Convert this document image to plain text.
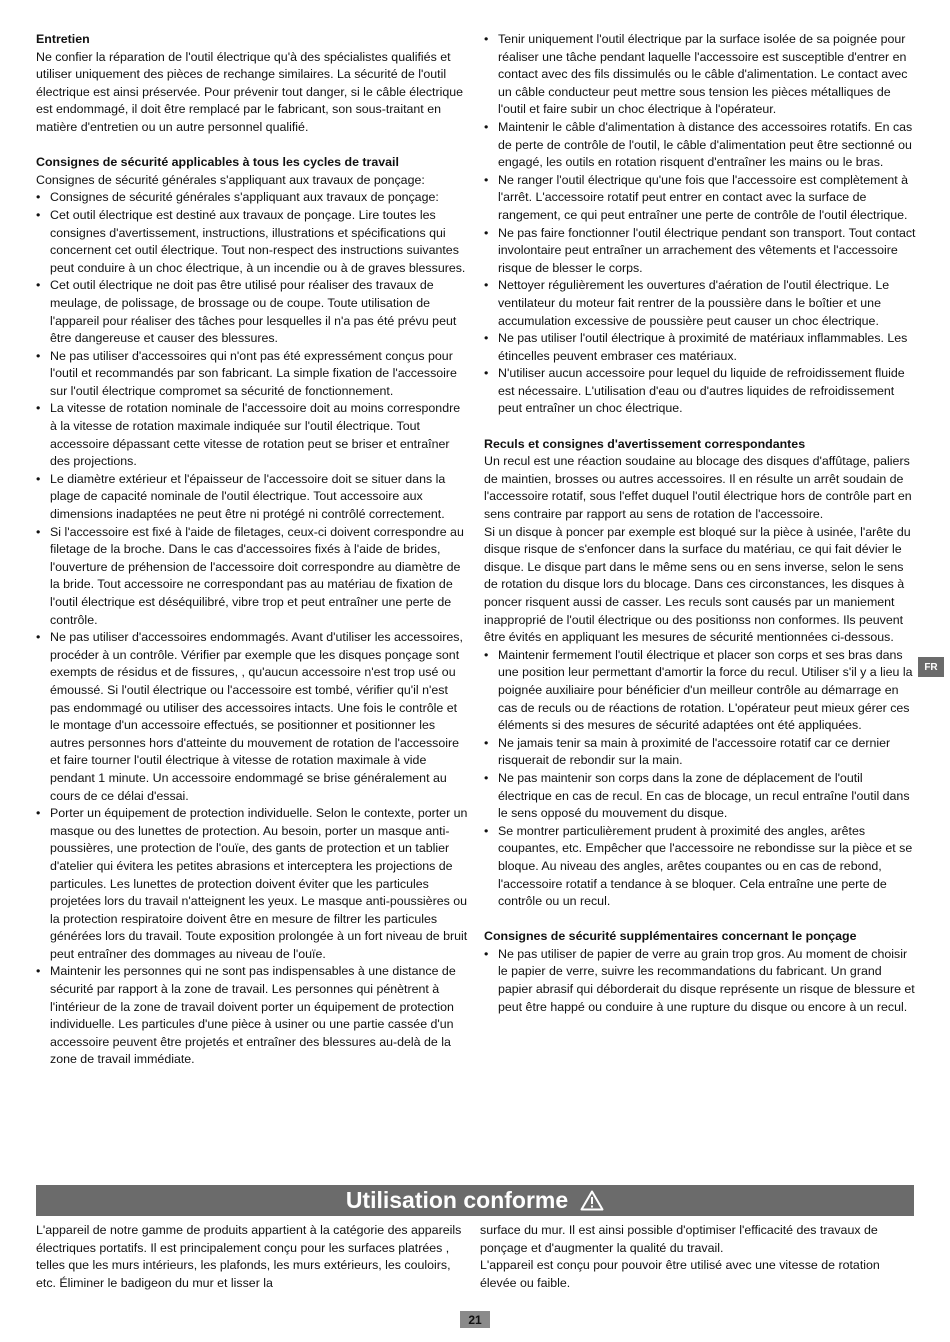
Entretien

Ne confier la réparation de l'outil électrique qu'à des spécialistes qualifiés et utiliser uniquement des pièces de rechange similaires. La sécurité de l'outil électrique est ainsi préservée. Pour prévenir tout danger, si le câble électrique est endommagé, il doit être remplacé par le fabricant, son sous-traitant en matière d'entretien ou un autre personnel qualifié.

Consignes de sécurité applicables à tous les cycles de travail

Consignes de sécurité générales s'appliquant aux travaux de ponçage:

• Consignes de sécurité générales s'appliquant aux travaux de ponçage:
• Cet outil électrique est destiné aux travaux de ponçage. Lire toutes les consignes d'avertissement, instructions, illustrations et spécifications qui concernent cet outil électrique. Tout non-respect des instructions suivantes peut conduire à un choc électrique, à un incendie ou à de graves blessures.
• Cet outil électrique ne doit pas être utilisé pour réaliser des travaux de meulage, de polissage, de brossage ou de coupe. Toute utilisation de l'appareil pour réaliser des tâches pour lesquelles il n'a pas été prévu peut être dangereuse et causer des blessures.
• Ne pas utiliser d'accessoires qui n'ont pas été expressément conçus pour l'outil et recommandés par son fabricant. La simple fixation de l'accessoire sur l'outil électrique compromet sa sécurité de fonctionnement.
• La vitesse de rotation nominale de l'accessoire doit au moins correspondre à la vitesse de rotation maximale indiquée sur l'outil électrique. Tout accessoire dépassant cette vitesse de rotation peut se briser et entraîner des projections.
• Le diamètre extérieur et l'épaisseur de l'accessoire doit se situer dans la plage de capacité nominale de l'outil électrique. Tout accessoire aux dimensions inadaptées ne peut être ni protégé ni contrôlé correctement.
• Si l'accessoire est fixé à l'aide de filetages, ceux-ci doivent correspondre au filetage de la broche. Dans le cas d'accessoires fixés à l'aide de brides, l'ouverture de préhension de l'accessoire doit correspondre au diamètre de la bride. Tout accessoire ne correspondant pas au matériau de fixation de l'outil électrique est déséquilibré, vibre trop et peut entraîner une perte de contrôle.
• Ne pas utiliser d'accessoires endommagés. Avant d'utiliser les accessoires, procéder à un contrôle. Vérifier par exemple que les disques ponçage sont exempts de résidus et de fissures, , qu'aucun accessoire n'est trop usé ou émoussé. Si l'outil électrique ou l'accessoire est tombé, vérifier qu'il n'est pas endommagé ou utiliser des accessoires intacts. Une fois le contrôle et le montage d'un accessoire effectués, se positionner et positionner les autres personnes hors d'atteinte du mouvement de rotation de l'accessoire et faire tourner l'outil électrique à vitesse de rotation maximale à vide pendant 1 minute. Un accessoire endommagé se brise généralement au cours de ce délai d'essai.
• Porter un équipement de protection individuelle. Selon le contexte, porter un masque ou des lunettes de protection. Au besoin, porter un masque anti-poussières, une protection de l'ouïe, des gants de protection et un tablier d'atelier qui évitera les petites abrasions et interceptera les projections de particules. Les lunettes de protection doivent éviter que les particules projetées lors du travail n'atteignent les yeux. Le masque anti-poussières ou la protection respiratoire doivent être en mesure de filtrer les particules générées lors du travail. Toute exposition prolongée à un fort niveau de bruit peut entraîner des dommages au niveau de l'ouïe.
• Maintenir les personnes qui ne sont pas indispensables à une distance de sécurité par rapport à la zone de travail. Les personnes qui pénètrent à l'intérieur de la zone de travail doivent porter un équipement de protection individuelle. Les particules d'une pièce à usiner ou une partie cassée d'un accessoire peuvent être projetés et entraîner des blessures au-delà de la zone de travail immédiate.
• Tenir uniquement l'outil électrique par la surface isolée de sa poignée pour réaliser une tâche pendant laquelle l'accessoire est susceptible d'entrer en contact avec des fils dissimulés ou le câble d'alimentation. Le contact avec un câble conducteur peut mettre sous tension les pièces métalliques de l'outil et faire subir un choc électrique à l'opérateur.
• Maintenir le câble d'alimentation à distance des accessoires rotatifs. En cas de perte de contrôle de l'outil, le câble d'alimentation peut être sectionné ou engagé, les outils en rotation risquent d'entraîner les mains ou le bras.
• Ne ranger l'outil électrique qu'une fois que l'accessoire est complètement à l'arrêt. L'accessoire rotatif peut entrer en contact avec la surface de rangement, ce qui peut entraîner une perte de contrôle de l'outil électrique.
• Ne pas faire fonctionner l'outil électrique pendant son transport. Tout contact involontaire peut entraîner un arrachement des vêtements et l'accessoire risque de blesser le corps.
• Nettoyer régulièrement les ouvertures d'aération de l'outil électrique. Le ventilateur du moteur fait rentrer de la poussière dans le boîtier et une accumulation excessive de poussière peut causer un choc électrique.
• Ne pas utiliser l'outil électrique à proximité de matériaux inflammables. Les étincelles peuvent embraser ces matériaux.
• N'utiliser aucun accessoire pour lequel du liquide de refroidissement fluide est nécessaire. L'utilisation d'eau ou d'autres liquides de refroidissement peut entraîner un choc électrique.

Reculs et consignes d'avertissement correspondantes

Un recul est une réaction soudaine au blocage des disques d'affûtage, paliers de maintien, brosses ou autres accessoires. Il en résulte un arrêt soudain de l'accessoire rotatif, sous l'effet duquel l'outil électrique hors de contrôle part en sens contraire par rapport au sens de rotation de l'accessoire.

Si un disque à poncer par exemple est bloqué sur la pièce à usinée, l'arête du disque risque de s'enfoncer dans la surface du matériau, ce qui fait dévier le disque. Le disque part dans le même sens ou en sens inverse, selon le sens de rotation du disque lors du blocage. Dans ces circonstances, les disques à poncer risquent aussi de casser. Les reculs sont causés par un maniement inapproprié de l'outil électrique ou des positionss non conformes. Ils peuvent être évités en appliquant les mesures de sécurité mentionnées ci-dessous.

• Maintenir fermement l'outil électrique et placer son corps et ses bras dans une position leur permettant d'amortir la force du recul. Utiliser s'il y a lieu la poignée auxiliaire pour bénéficier d'un meilleur contrôle au démarrage en cas de reculs ou de réactions de rotation. L'opérateur peut mieux gérer ces éléments si des mesures de sécurité adaptées ont été appliquées.
• Ne jamais tenir sa main à proximité de l'accessoire rotatif car ce dernier risquerait de rebondir sur la main.
• Ne pas maintenir son corps dans la zone de déplacement de l'outil électrique en cas de recul. En cas de blocage, un recul entraîne l'outil dans le sens opposé du mouvement du disque.
• Se montrer particulièrement prudent à proximité des angles, arêtes coupantes, etc. Empêcher que l'accessoire ne rebondisse sur la pièce et se bloque. Au niveau des angles, arêtes coupantes ou en cas de rebond, l'accessoire rotatif a tendance à se bloquer. Cela entraîne une perte de contrôle ou un recul.

Consignes de sécurité supplémentaires concernant le ponçage

• Ne pas utiliser de papier de verre au grain trop gros. Au moment de choisir le papier de verre, suivre les recommandations du fabricant. Un grand papier abrasif qui déborderait du disque représente un risque de blessure et peut être happé ou conduire à une rupture du disque ou encore à un recul.
FR
Utilisation conforme

L'appareil de notre gamme de produits appartient à la catégorie des appareils électriques portatifs. Il est principalement conçu pour les surfaces platrées , telles que les murs intérieurs, les plafonds, les murs extérieurs, les couloirs, etc. Éliminer le badigeon du mur et lisser la

surface du mur. Il est ainsi possible d'optimiser l'efficacité des travaux de ponçage et d'augmenter la qualité du travail.

L'appareil est conçu pour pouvoir être utilisé avec une vitesse de rotation élevée ou faible.

21
